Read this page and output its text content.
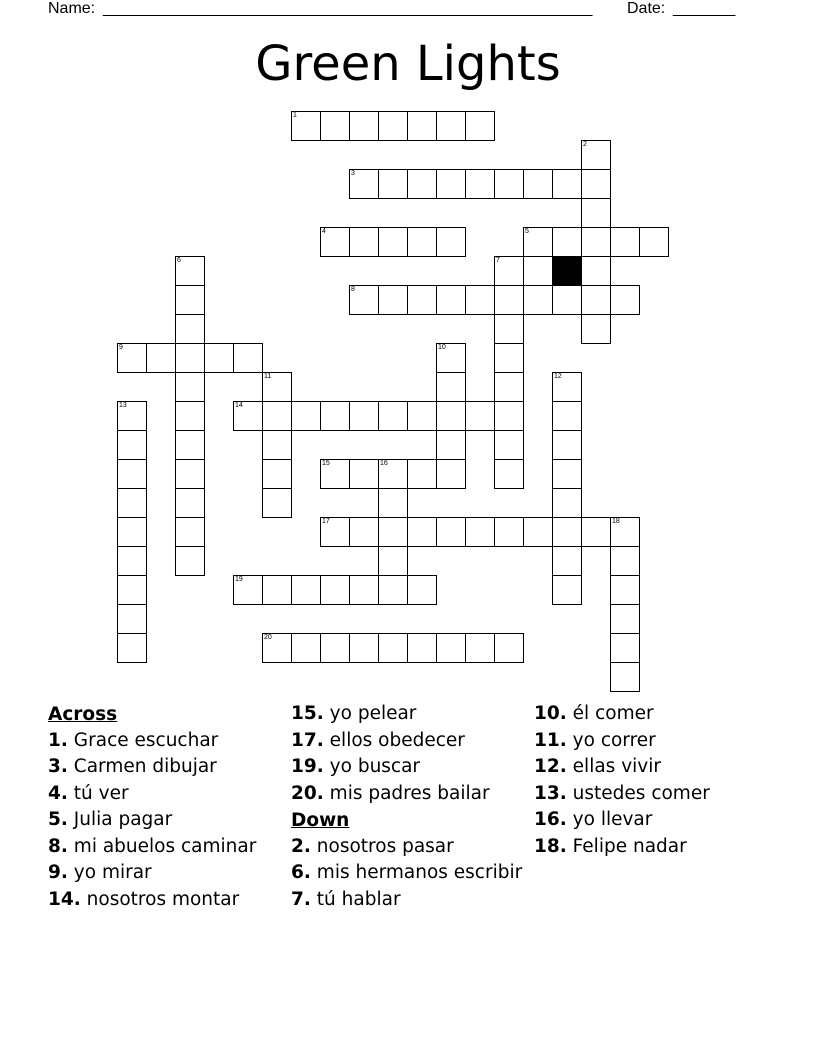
Name: _______________________________________________________ Date: _______
Green Lights
1
2
3
4	5
6	7
8
9	10
11	12
13	14
15	16
17	18
19
20
Across
1. Grace escuchar
3. Carmen dibujar
4. tú ver
5. Julia pagar
8. mi abuelos caminar
9. yo mirar
14. nosotros montar
15. yo pelear
17. ellos obedecer
19. yo buscar
20. mis padres bailar
Down
2. nosotros pasar
6. mis hermanos escribir
7. tú hablar
10. él comer
11. yo correr
12. ellas vivir
13. ustedes comer
16. yo llevar
18. Felipe nadar
